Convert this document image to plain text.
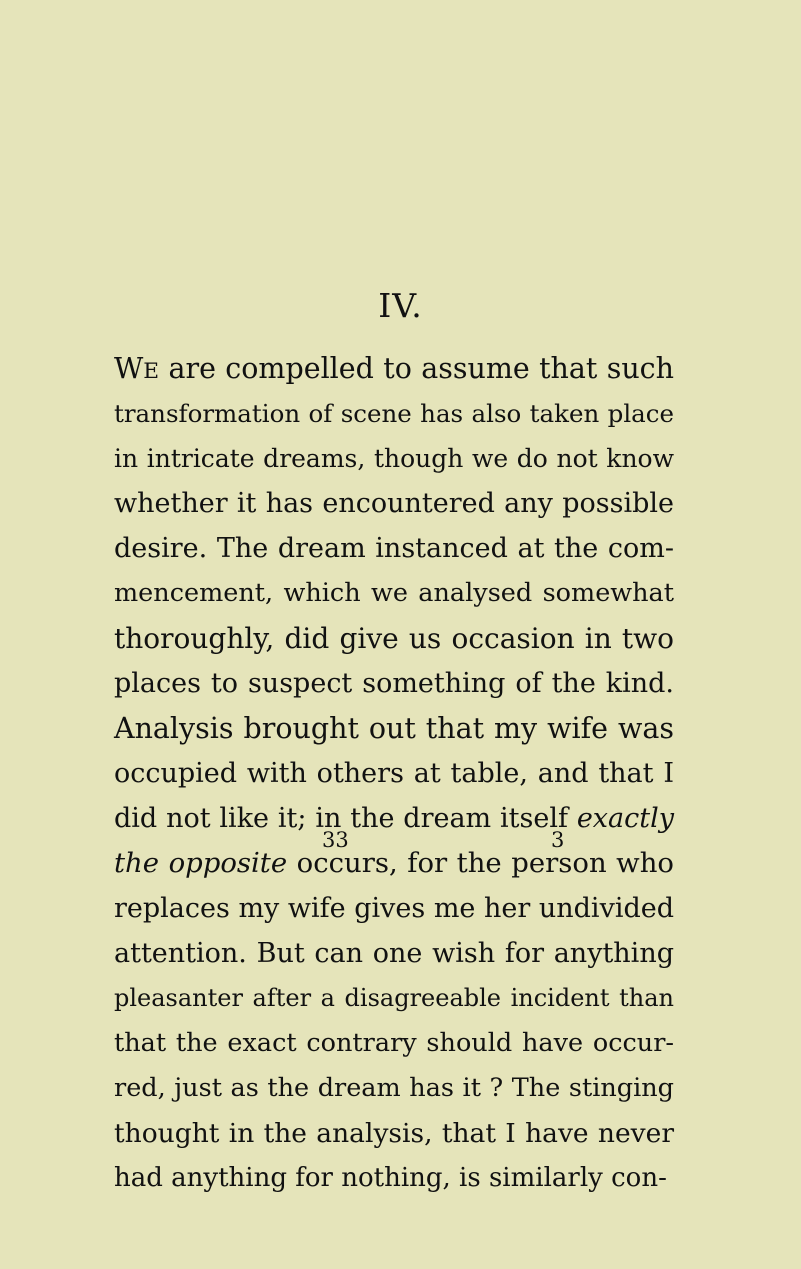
IV.
WE are compelled to assume that such
transformation of scene has also taken place
in intricate dreams, though we do not know
whether it has encountered any possible
desire. The dream instanced at the com-
mencement, which we analysed somewhat
thoroughly, did give us occasion in two
places to suspect something of the kind.
Analysis brought out that my wife was
occupied with others at table, and that I
did not like it; in the dream itself exactly
the opposite occurs, for the person who
replaces my wife gives me her undivided
attention. But can one wish for anything
pleasanter after a disagreeable incident than
that the exact contrary should have occur-
red, just as the dream has it ? The stinging
thought in the analysis, that I have never
had anything for nothing, is similarly con-
33	3
